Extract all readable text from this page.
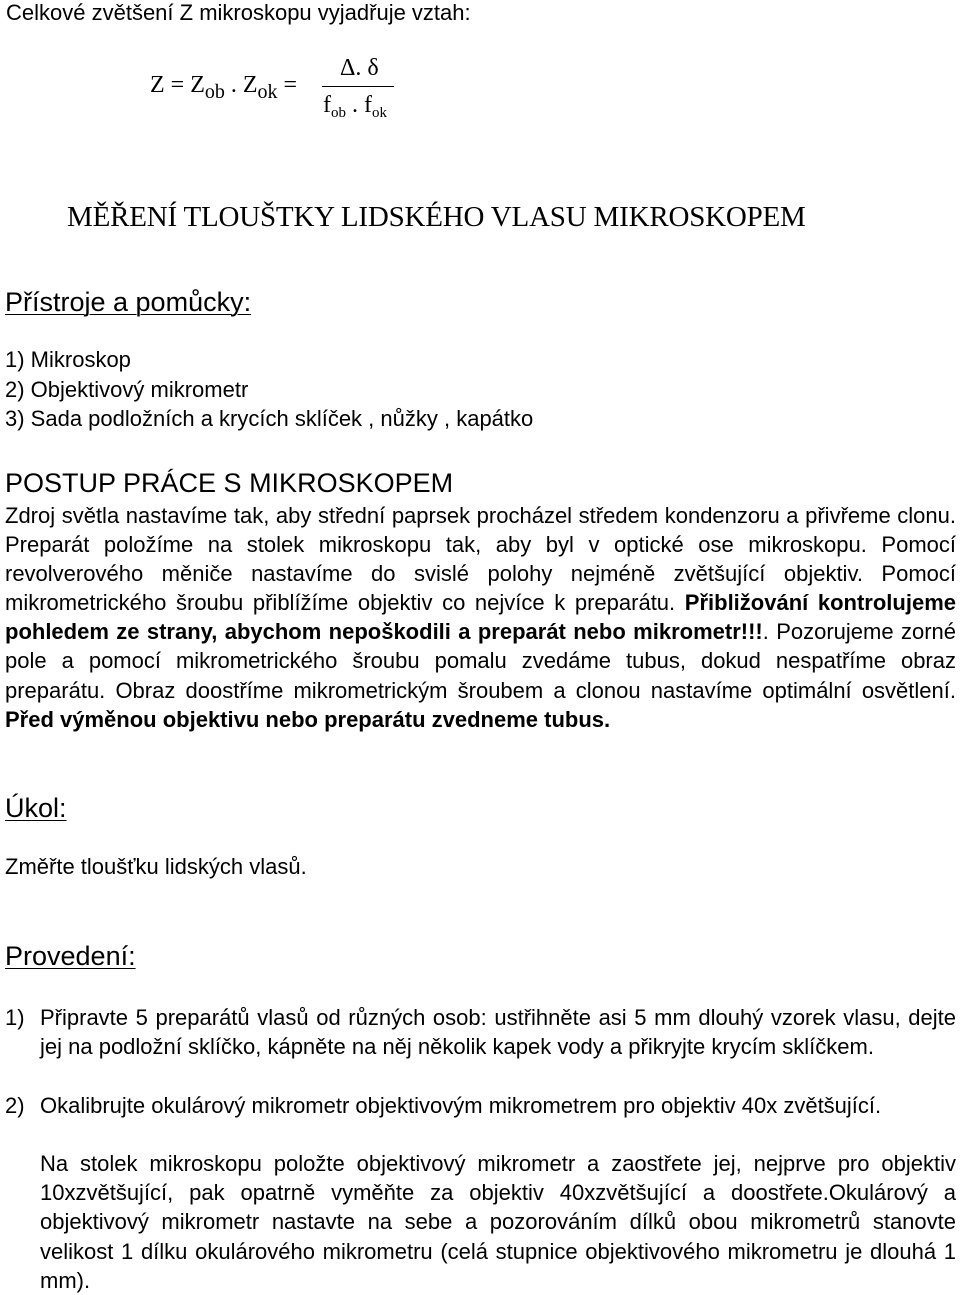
Celkové zvětšení Z mikroskopu vyjadřuje vztah:
$Z = Z_{ob}$ . $Z_{ok}$ =
Δ. δ
$f_{ob}$ . $f_{ok}$
MĚŘENÍ TLOUŠTKY LIDSKÉHO VLASU MIKROSKOPEM
Přístroje a pomůcky:
1) Mikroskop
2) Objektivový mikrometr
3) Sada podložních a krycích sklíček , nůžky , kapátko
POSTUP PRÁCE S MIKROSKOPEM

Zdroj světla nastavíme tak, aby střední paprsek procházel středem kondenzoru a přivřeme clonu. Preparát položíme na stolek mikroskopu tak, aby byl v optické ose mikroskopu. Pomocí revolverového měniče nastavíme do svislé polohy nejméně zvětšující objektiv. Pomocí mikrometrického šroubu přiblížíme objektiv co nejvíce k preparátu. Přibližování kontrolujeme pohledem ze strany, abychom nepoškodili a preparát nebo mikrometr!!!. Pozorujeme zorné pole a pomocí mikrometrického šroubu pomalu zvedáme tubus, dokud nespatříme obraz preparátu. Obraz doostříme mikrometrickým šroubem a clonou nastavíme optimální osvětlení. Před výměnou objektivu nebo preparátu zvedneme tubus.

Úkol:
Změřte tloušťku lidských vlasů.
Provedení:
1) Připravte 5 preparátů vlasů od různých osob: ustřihněte asi 5 mm dlouhý vzorek vlasu, dejte jej na podložní sklíčko, kápněte na něj několik kapek vody a přikryjte krycím sklíčkem.

2) Okalibrujte okulárový mikrometr objektivovým mikrometrem pro objektiv 40x zvětšující.

Na stolek mikroskopu položte objektivový mikrometr a zaostřete jej, nejprve pro objektiv 10xzvětšující, pak opatrně vyměňte za objektiv 40xzvětšující a doostřete.Okulárový a objektivový mikrometr nastavte na sebe a pozorováním dílků obou mikrometrů stanovte velikost 1 dílku okulárového mikrometru (celá stupnice objektivového mikrometru je dlouhá 1 mm).
